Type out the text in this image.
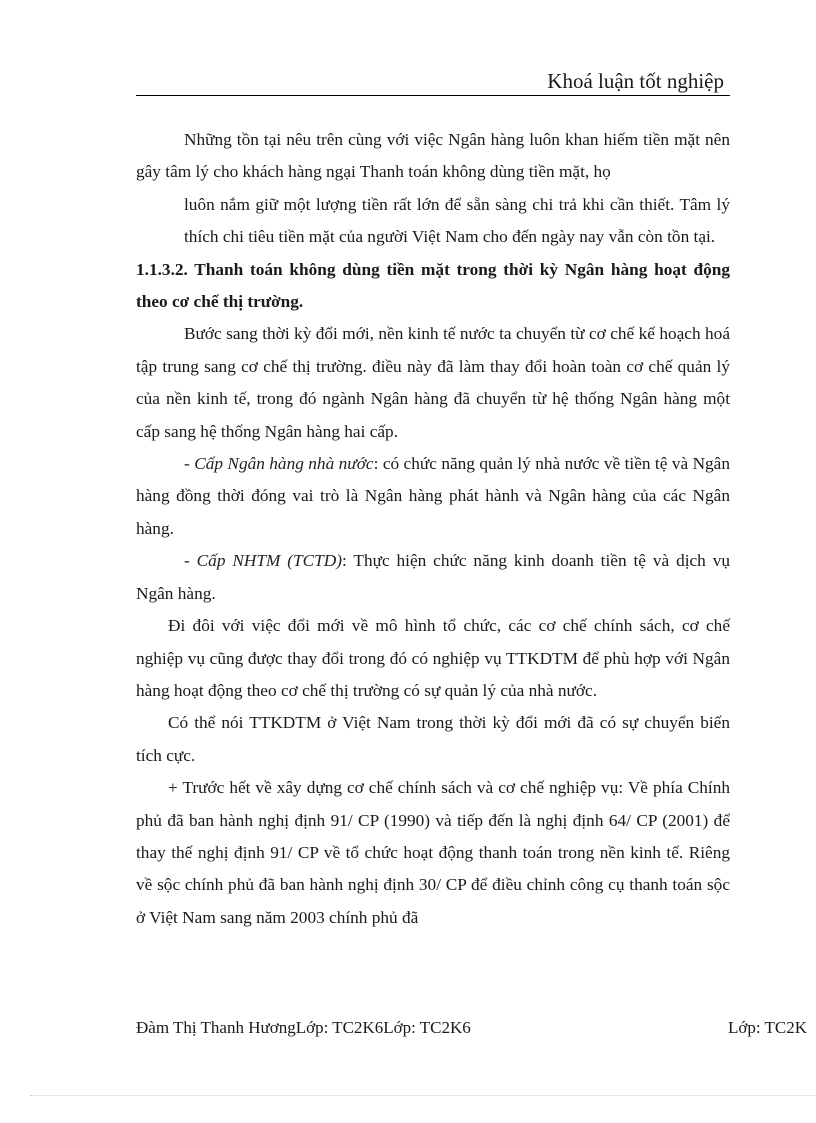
Khoá luận tốt nghiệp

Những tồn tại nêu trên cùng với việc Ngân hàng luôn khan hiếm tiền mặt nên gây tâm lý cho khách hàng ngại Thanh toán không dùng tiền mặt, họ

luôn nắm giữ một lượng tiền rất lớn để sẵn sàng chi trả khi cần thiết. Tâm lý thích chi tiêu tiền mặt của người Việt Nam cho đến ngày nay vẫn còn tồn tại.

1.1.3.2. Thanh toán không dùng tiền mặt trong thời kỳ Ngân hàng hoạt động theo cơ chế thị trường.

Bước sang thời kỳ đổi mới, nền kinh tế nước ta chuyển từ cơ chế kế hoạch hoá tập trung sang cơ chế thị trường. điều này đã làm thay đổi hoàn toàn cơ chế quản lý của nền kinh tế, trong đó ngành Ngân hàng đã chuyển từ hệ thống Ngân hàng một cấp sang hệ thống Ngân hàng hai cấp.

- Cấp Ngân hàng nhà nước: có chức năng quản lý nhà nước về tiền tệ và Ngân hàng đồng thời đóng vai trò là Ngân hàng phát hành và Ngân hàng của các Ngân hàng.

- Cấp NHTM (TCTD): Thực hiện chức năng kinh doanh tiền tệ và dịch vụ Ngân hàng.

Đi đôi với việc đổi mới về mô hình tổ chức, các cơ chế chính sách, cơ chế nghiệp vụ cũng được thay đổi trong đó có nghiệp vụ TTKDTM để phù hợp với Ngân hàng hoạt động theo cơ chế thị trường có sự quản lý của nhà nước.

Có thể nói TTKDTM ở Việt Nam trong thời kỳ đổi mới đã có sự chuyển biến tích cực.

+ Trước hết về xây dựng cơ chế chính sách và cơ chế nghiệp vụ: Về phía Chính phủ đã ban hành nghị định 91/ CP (1990) và tiếp đến là nghị định 64/ CP (2001) để thay thế nghị định 91/ CP về tổ chức hoạt động thanh toán trong nền kinh tế. Riêng về sộc chính phủ đã ban hành nghị định 30/ CP để điều chỉnh công cụ thanh toán sộc ở Việt Nam sang năm 2003 chính phủ đã

Đàm Thị Thanh HươngLớp: TC2K6Lớp: TC2K6	Lớp: TC2K
